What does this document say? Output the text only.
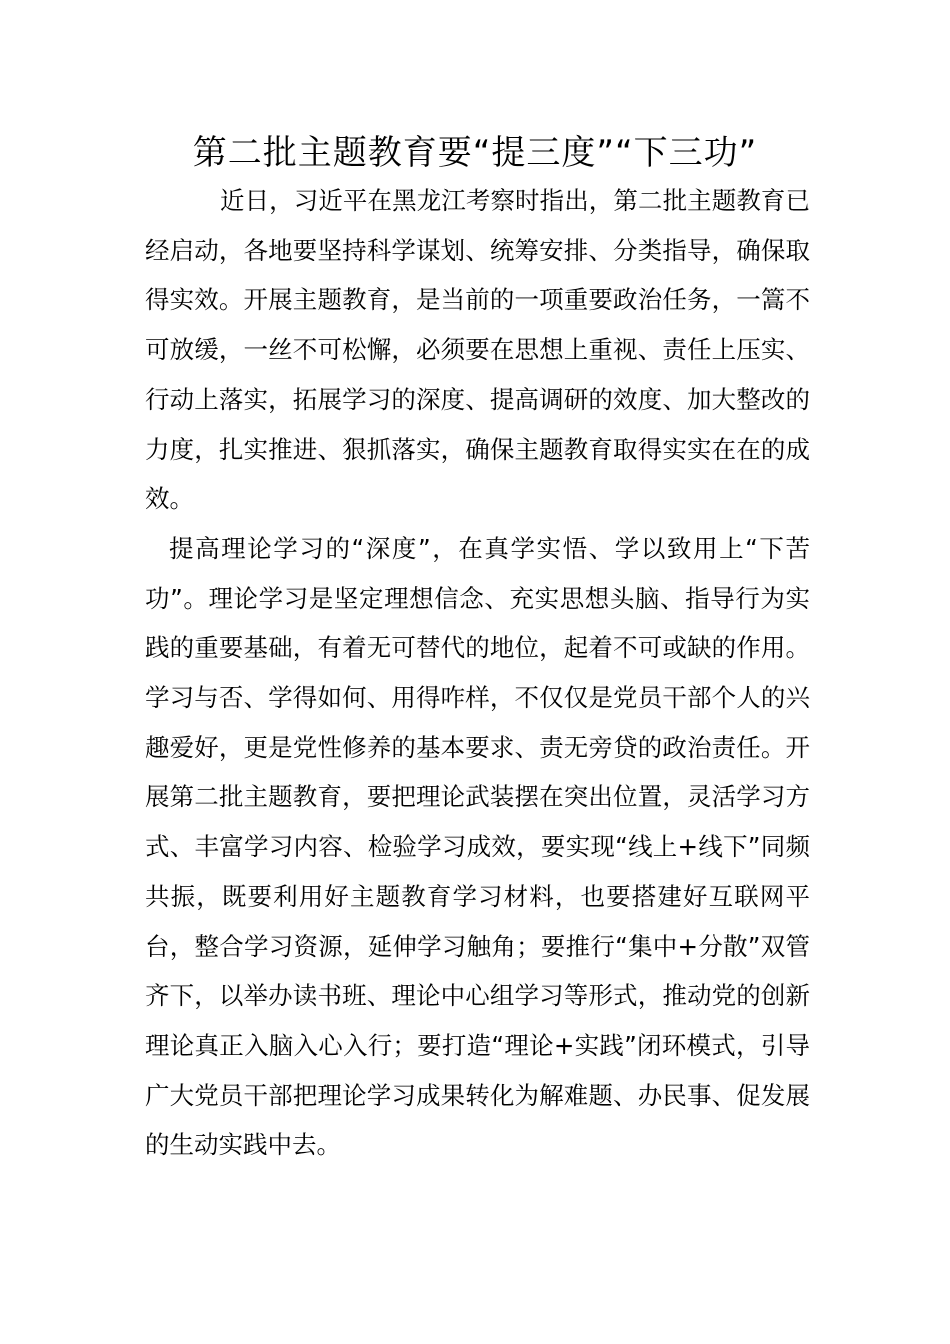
第二批主题教育要“提三度”“下三功”

近日，习近平在黑龙江考察时指出，第二批主题教育已经启动，各地要坚持科学谋划、统筹安排、分类指导，确保取得实效。开展主题教育，是当前的一项重要政治任务，一篙不可放缓，一丝不可松懈，必须要在思想上重视、责任上压实、行动上落实，拓展学习的深度、提高调研的效度、加大整改的力度，扎实推进、狠抓落实，确保主题教育取得实实在在的成效。

提高理论学习的“深度”，在真学实悟、学以致用上“下苦功”。理论学习是坚定理想信念、充实思想头脑、指导行为实践的重要基础，有着无可替代的地位，起着不可或缺的作用。学习与否、学得如何、用得咋样，不仅仅是党员干部个人的兴趣爱好，更是党性修养的基本要求、责无旁贷的政治责任。开展第二批主题教育，要把理论武装摆在突出位置，灵活学习方式、丰富学习内容、检验学习成效，要实现“线上+线下”同频共振，既要利用好主题教育学习材料，也要搭建好互联网平台，整合学习资源，延伸学习触角；要推行“集中+分散”双管齐下，以举办读书班、理论中心组学习等形式，推动党的创新理论真正入脑入心入行；要打造“理论+实践”闭环模式，引导广大党员干部把理论学习成果转化为解难题、办民事、促发展的生动实践中去。
